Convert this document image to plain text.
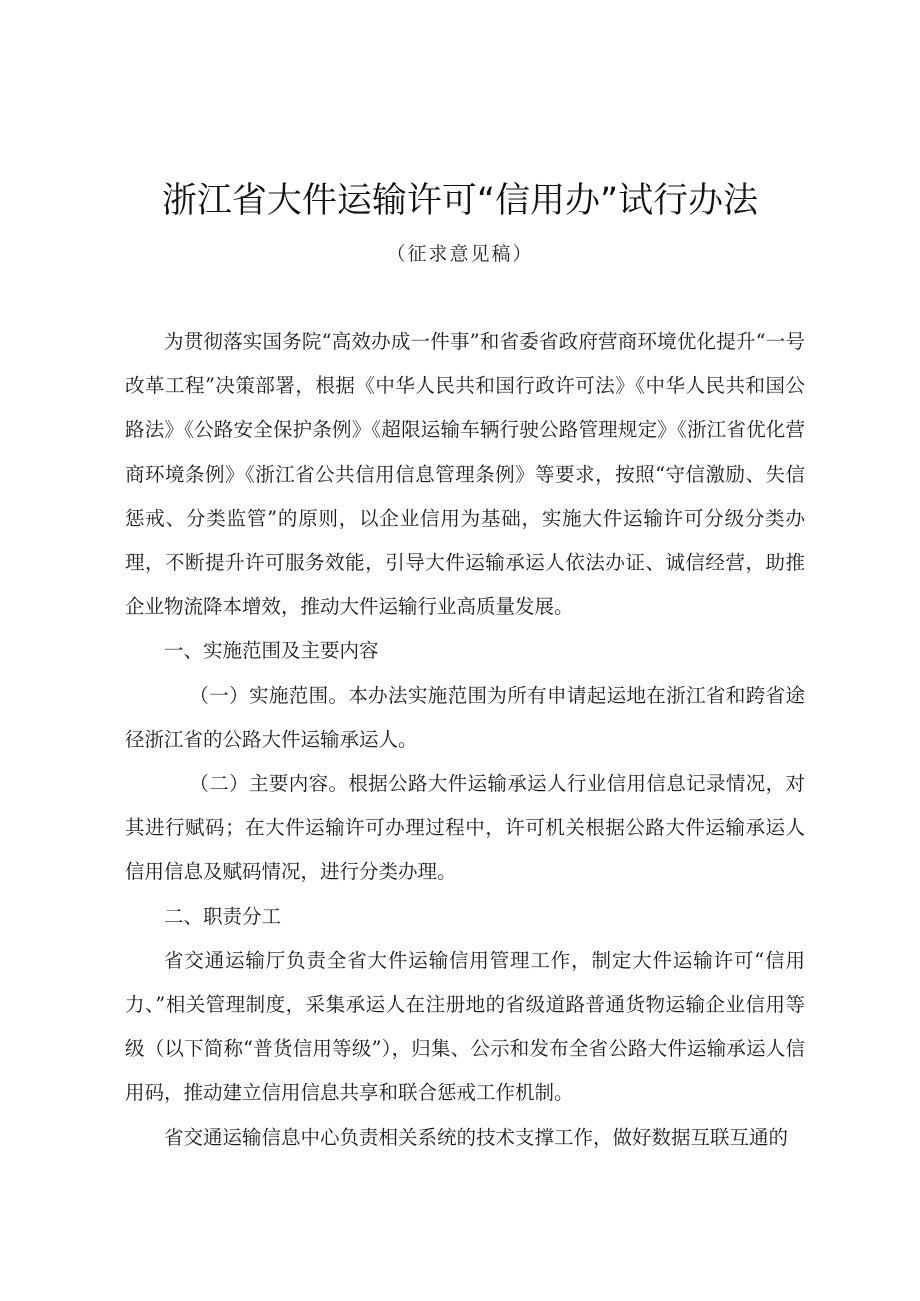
浙江省大件运输许可“信用办”试行办法
（征求意见稿）

为贯彻落实国务院“高效办成一件事”和省委省政府营商环境优化提升“一号改革工程”决策部署，根据《中华人民共和国行政许可法》《中华人民共和国公路法》《公路安全保护条例》《超限运输车辆行驶公路管理规定》《浙江省优化营商环境条例》《浙江省公共信用信息管理条例》等要求，按照“守信激励、失信惩戒、分类监管”的原则，以企业信用为基础，实施大件运输许可分级分类办理，不断提升许可服务效能，引导大件运输承运人依法办证、诚信经营，助推企业物流降本增效，推动大件运输行业高质量发展。

一、实施范围及主要内容

（一）实施范围。本办法实施范围为所有申请起运地在浙江省和跨省途径浙江省的公路大件运输承运人。

（二）主要内容。根据公路大件运输承运人行业信用信息记录情况，对其进行赋码；在大件运输许可办理过程中，许可机关根据公路大件运输承运人信用信息及赋码情况，进行分类办理。

二、职责分工

省交通运输厅负责全省大件运输信用管理工作，制定大件运输许可“信用力、”相关管理制度，采集承运人在注册地的省级道路普通货物运输企业信用等级（以下简称“普货信用等级”），归集、公示和发布全省公路大件运输承运人信用码，推动建立信用信息共享和联合惩戒工作机制。

省交通运输信息中心负责相关系统的技术支撑工作，做好数据互联互通的
